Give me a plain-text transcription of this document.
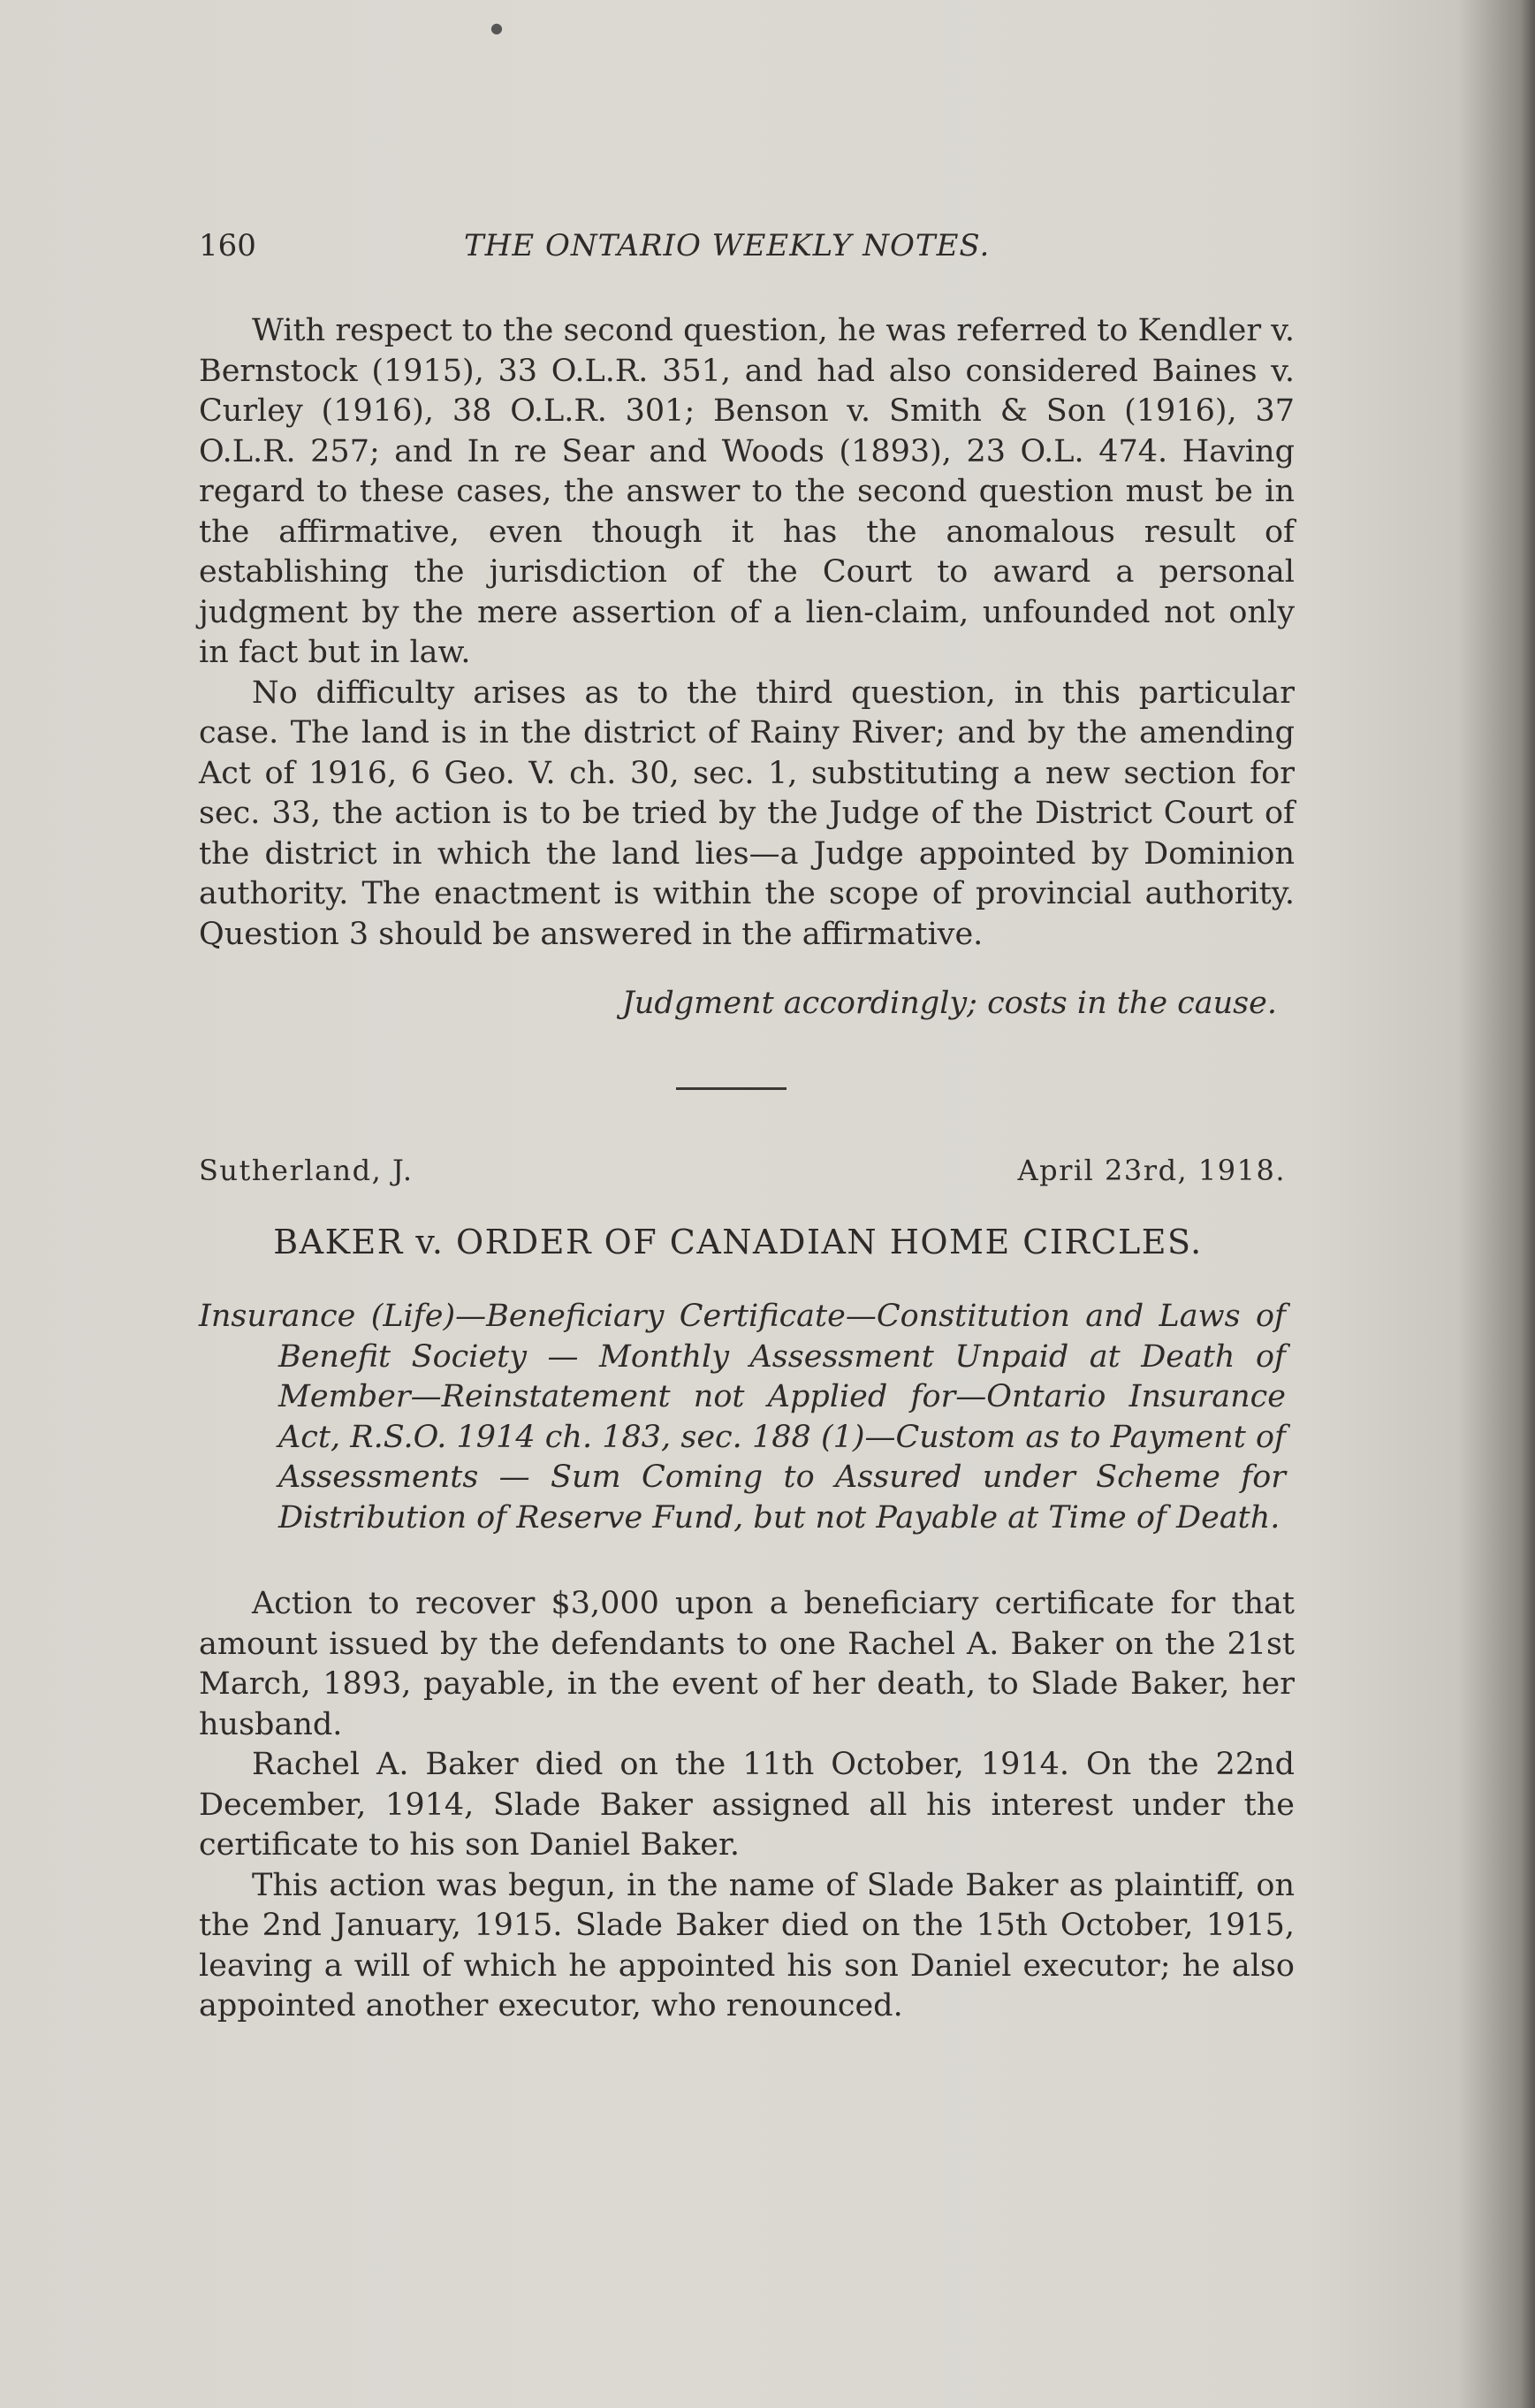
●
160	THE ONTARIO WEEKLY NOTES.

With respect to the second question, he was referred to Kendler v. Bernstock (1915), 33 O.L.R. 351, and had also considered Baines v. Curley (1916), 38 O.L.R. 301; Benson v. Smith & Son (1916), 37 O.L.R. 257; and In re Sear and Woods (1893), 23 O.L. 474. Having regard to these cases, the answer to the second question must be in the affirmative, even though it has the anomalous result of establishing the jurisdiction of the Court to award a personal judgment by the mere assertion of a lien-claim, unfounded not only in fact but in law.

No difficulty arises as to the third question, in this particular case. The land is in the district of Rainy River; and by the amending Act of 1916, 6 Geo. V. ch. 30, sec. 1, substituting a new section for sec. 33, the action is to be tried by the Judge of the District Court of the district in which the land lies—a Judge appointed by Dominion authority. The enactment is within the scope of provincial authority. Question 3 should be answered in the affirmative.

Judgment accordingly; costs in the cause.
Sutherland, J.	April 23rd, 1918.
BAKER v. ORDER OF CANADIAN HOME CIRCLES.
Insurance (Life)—Beneficiary Certificate—Constitution and Laws of Benefit Society — Monthly Assessment Unpaid at Death of Member—Reinstatement not Applied for—Ontario Insurance Act, R.S.O. 1914 ch. 183, sec. 188 (1)—Custom as to Payment of Assessments — Sum Coming to Assured under Scheme for Distribution of Reserve Fund, but not Payable at Time of Death.

Action to recover $3,000 upon a beneficiary certificate for that amount issued by the defendants to one Rachel A. Baker on the 21st March, 1893, payable, in the event of her death, to Slade Baker, her husband.

Rachel A. Baker died on the 11th October, 1914. On the 22nd December, 1914, Slade Baker assigned all his interest under the certificate to his son Daniel Baker.

This action was begun, in the name of Slade Baker as plaintiff, on the 2nd January, 1915. Slade Baker died on the 15th October, 1915, leaving a will of which he appointed his son Daniel executor; he also appointed another executor, who renounced.
